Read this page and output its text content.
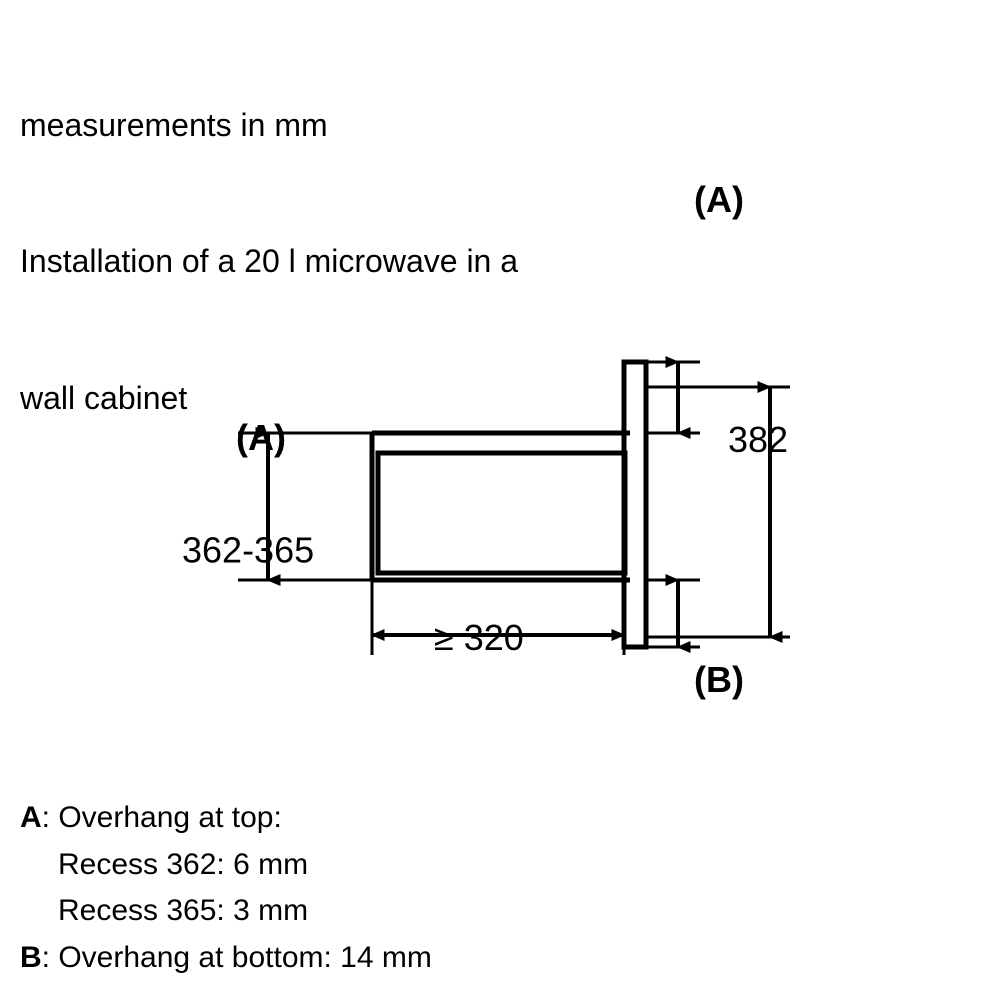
measurements in mm

Installation of a 20 l microwave in a

wall cabinet

362-365
(A)	382
(A)
(B)
≥ 320
A: Overhang at top:
Recess 362: 6 mm
Recess 365: 3 mm
B: Overhang at bottom: 14 mm
